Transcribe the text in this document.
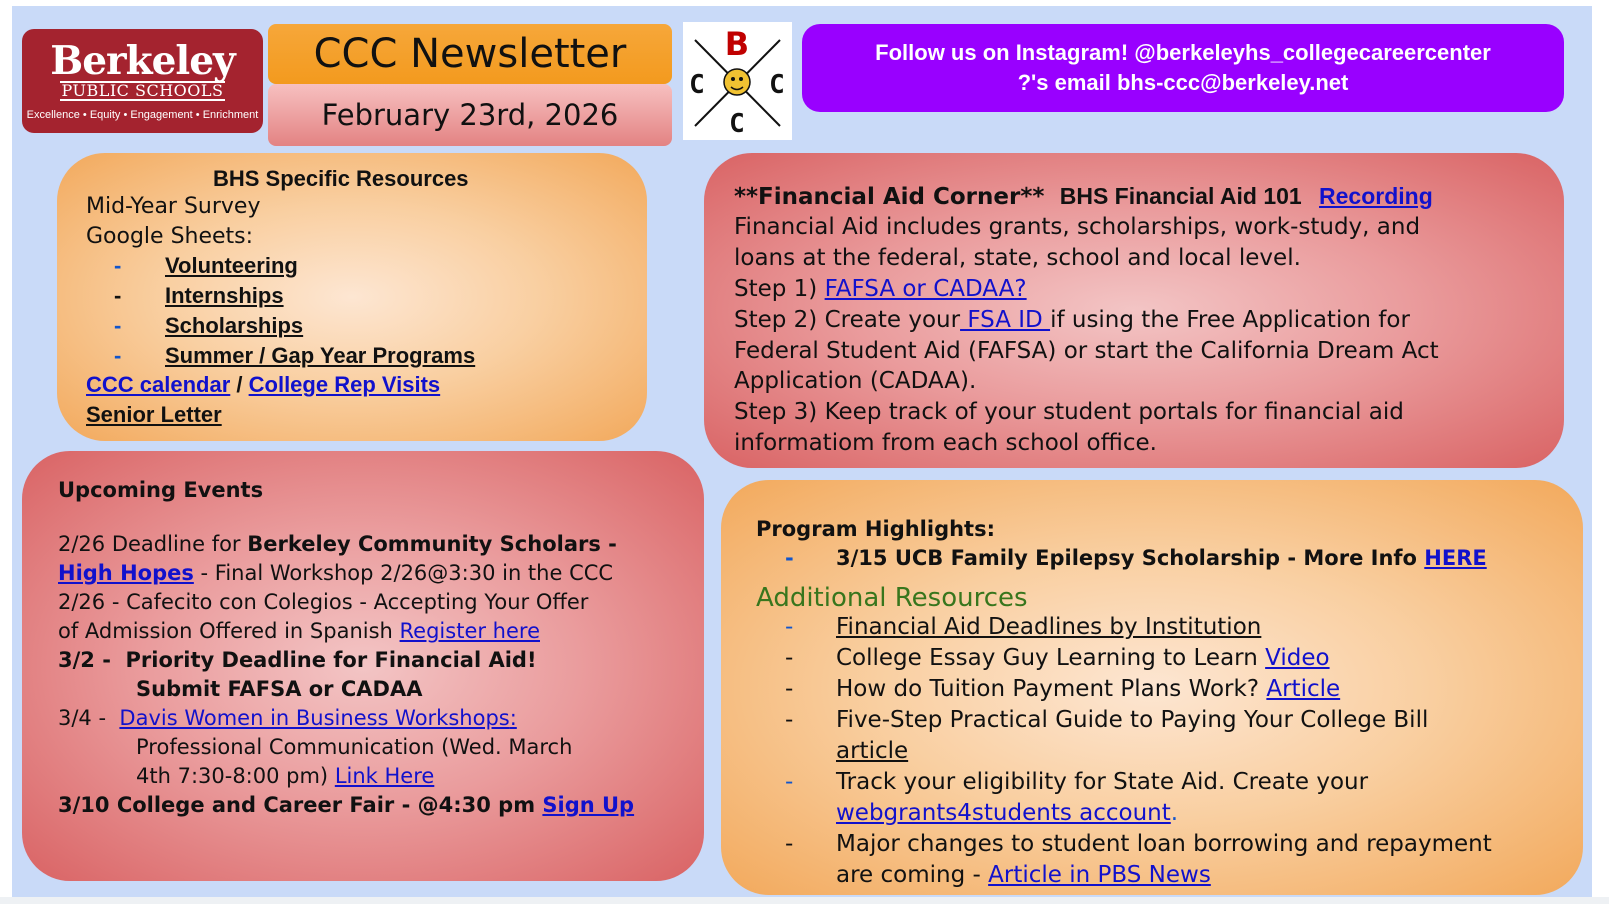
Berkeley
PUBLIC SCHOOLS
Excellence • Equity • Engagement • Enrichment
CCC Newsletter
February 23rd, 2026
B
C C
C
Follow us on Instagram! @berkeleyhs_collegecareercenter
?'s email bhs-ccc@berkeley.net
BHS Specific Resources
Mid-Year Survey
Google Sheets:
- Volunteering
- Internships
- Scholarships
- Summer / Gap Year Programs
CCC calendar / College Rep Visits
Senior Letter
**Financial Aid Corner** BHS Financial Aid 101 Recording
Financial Aid includes grants, scholarships, work-study, and
loans at the federal, state, school and local level.
Step 1) FAFSA or CADAA?
Step 2) Create your FSA ID if using the Free Application for
Federal Student Aid (FAFSA) or start the California Dream Act
Application (CADAA).
Step 3) Keep track of your student portals for financial aid
informatiom from each school office.
Upcoming Events
2/26 Deadline for Berkeley Community Scholars -
High Hopes - Final Workshop 2/26@3:30 in the CCC
2/26 - Cafecito con Colegios - Accepting Your Offer
of Admission Offered in Spanish Register here
3/2 -  Priority Deadline for Financial Aid!
Submit FAFSA or CADAA
3/4 -  Davis Women in Business Workshops:
Professional Communication (Wed. March
4th 7:30-8:00 pm) Link Here
3/10 College and Career Fair - @4:30 pm Sign Up
Program Highlights:
- 3/15 UCB Family Epilepsy Scholarship - More Info HERE
Additional Resources
- Financial Aid Deadlines by Institution
- College Essay Guy Learning to Learn Video
- How do Tuition Payment Plans Work? Article
- Five-Step Practical Guide to Paying Your College Bill
article
- Track your eligibility for State Aid. Create your
webgrants4students account.
- Major changes to student loan borrowing and repayment
are coming - Article in PBS News
